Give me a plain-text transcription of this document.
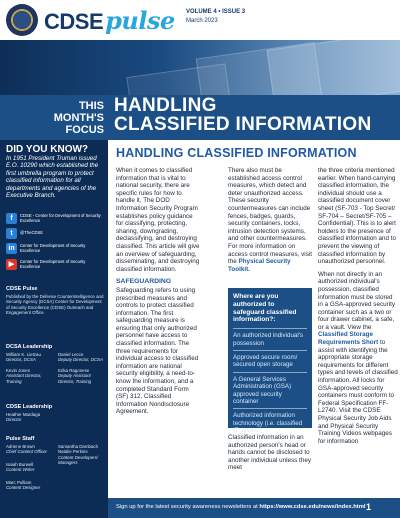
CDSEpulse VOLUME 4 • ISSUE 3
March 2023
THIS
MONTH'S
FOCUS
HANDLING
CLASSIFIED INFORMATION
DID YOU KNOW?
In 1951 President Truman issued E.O. 10290 which established the first umbrella program to protect classified information for all departments and agencies of the Executive Branch.
f	CDSE - Center for Development of Security Excellence
t	@TheCDSE
in	Center for Development of Security Excellence
▶	Center for Development of Security Excellence
CDSE Pulse
Published by the Defense Counterintelligence and Security Agency (DCSA) Center for Development of Security Excellence (CDSE) Outreach and Engagement Office.
DCSA Leadership
William K. Lietzau
Director, DCSA
Daniel Lecce
Deputy Director, DCSA
Kevin Jones
Assistant Director, Training
Erika Ragonese
Deputy Assistant Director, Training
CDSE Leadership
Heather Mardaga
Director
Pulse Staff
Adriene Brown
Chief Content Officer
Samantha Dambach
Natalie Perkins
Content Developers/ Managers
Isaiah Burwell
Content Writer
Marc Pulliam
Content Designer
HANDLING CLASSIFIED INFORMATION

When it comes to classified information that is vital to national security, there are specific rules for how to handle it. The DOD Information Security Program establishes policy guidance for classifying, protecting, sharing, downgrading, declassifying, and destroying classified. This article will give an overview of safeguarding, disseminating, and destroying classified information.

SAFEGUARDING

Safeguarding refers to using prescribed measures and controls to protect classified information. The first safeguarding measure is ensuring that only authorized personnel have access to classified information. The three requirements for individual access to classified information are national security eligibility, a need-to-know the information, and a completed Standard Form (SF) 312, Classified Information Nondisclosure Agreement.

There also must be established access control measures, which detect and deter unauthorized access. These security countermeasures can include fences, badges, guards, security containers, locks, intrusion detection systems, and other countermeasures. For more information on access control measures, visit the Physical Security Toolkit.

Where are you authorized to safeguard classified information?:
An authorized individual's possession
Approved secure room/ secured open storage
A General Services Administration (GSA) approved security container
Authorized information technology (i.e. classified IT system)

Classified information in an authorized person's head or hands cannot be disclosed to another individual unless they meet

the three criteria mentioned earlier. When hand-carrying classified information, the individual should use a classified document cover sheet (SF-703 - Top Secret/ SF-704 – Secret/SF-705 – Confidential). This is to alert holders to the presence of classified information and to prevent the viewing of classified information by unauthorized personnel.

When not directly in an authorized individual's possession, classified information must be stored in a GSA-approved security container such as a two or four drawer cabinet, a safe, or a vault. View the Classified Storage Requirements Short to assist with identifying the appropriate storage requirements for different types and levels of classified information. All locks for GSA-approved security containers must conform to Federal Specification FF-L2740. Visit the CDSE Physical Security Job Aids and Physical Security Training Videos webpages for information

Sign up for the latest security awareness newsletters at https://www.cdse.edu/news/index.html 1
